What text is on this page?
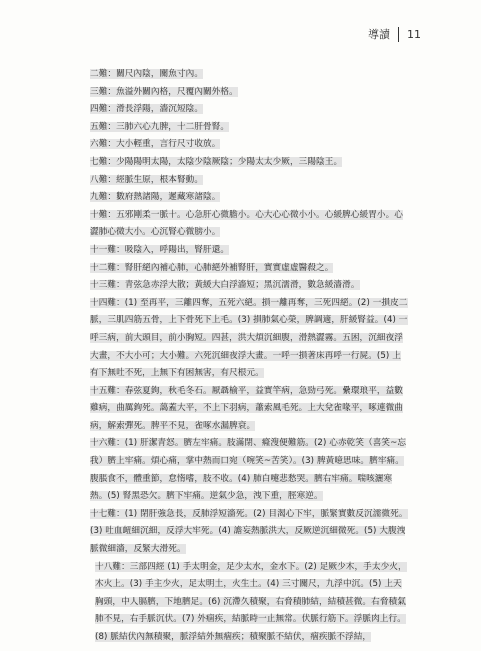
導讀 11
二難：關尺內陰，關魚寸內。
三難：魚溢外關內格，尺覆內關外格。
四難：滑長浮陽，濇沉短陰。
五難：三肺六心九脾，十二肝骨腎。
六難：大小輕重，言行尺寸收放。
七難：少陽陽明太陽，太陰少陰厥陰；少陽太太少厥，三陽陰王。
八難：經脈生原，根本腎動。
九難：數府熱諸陽，遲藏寒諸陰。
十難：五邪剛柔一脈十。心急肝心微膽小。心大心心微小小。心緩脾心緩胃小。心澀肺心微大小。心沉腎心微膀小。
十一難：吸陰入，呼陽出，腎肝還。
十二難：腎肝絕內補心肺，心肺絕外補腎肝，實實虛虛醫殺之。
十三難：青弦急赤浮大散；黃緩大白浮濇短；黑沉濡滑，數急緩濇滑。
十四難：(1) 至再平，三離四奪，五死六絕。損一離再奪，三死四絕。(2) 一損皮二脈，三肌四筋五骨，上下骨死下上毛。(3) 損肺氣心榮，脾調適，肝緩腎益。(4) 一呼三病，前大頭目，前小胸短。四甚，洪大煩沉細腹，滑熱澀霧。五困，沉細夜浮大畫，不大小可；大小難。六死沉細夜浮大畫。一呼一損著床再呼一行屍。(5) 上有下無吐不死，上無下有困無害，有尺根元。
十五難：春弦夏鉤，秋毛冬石。厭聶榆平，益實竿病，急勁弓死。纍環琅平，益數雞病，曲厲鉤死。藹蓋大平，不上下羽病，蕭索風毛死。上大兌雀喙平，啄連微曲病，解索彈死。脾平不見，雀啄水漏脾衰。
十六難：(1) 肝潔青怒。臍左牢痛。肢滿閉、癃溲便難筋。(2) 心赤乾笑（喜笑~忘我）臍上牢痛。煩心痛，掌中熱而口宛（啘笑~苦笑）。(3) 脾黃噫思味。臍牢痛。腹脹食不，體重節，怠惰嗜，肢不收。(4) 肺白嚏悲愁哭。臍右牢痛。喘咳灑寒熱。(5) 腎黑恐欠。臍下牢痛。逆氣少急，洩下重，脛寒逆。
十七難：(1) 閉肝強急長，反肺浮短濇死。(2) 目渴心下牢，脈緊實數反沉濡微死。(3) 吐血衄細沉細，反浮大牢死。(4) 譫妄熱脈洪大，反厥逆沉細微死。(5) 大腹洩脈微細濇，反緊大滑死。
十八難：三部四經 (1) 手太明金，足少太水，金水下。(2) 足厥少木，手太少火，木火上。(3) 手主少火，足太明土，火生土。(4) 三寸關尺，九浮中沉。(5) 上天胸頭，中人膈臍，下地臍足。(6) 沉滯久積聚，右脅積肺結，結積甚微。右脅積氣肺不見，右手脈沉伏。(7) 外痼疾，結脈時一止無常。伏脈行筋下。浮脈肉上行。(8) 脈結伏內無積聚，脈浮結外無痼疾；積聚脈不結伏，痼疾脈不浮結，
